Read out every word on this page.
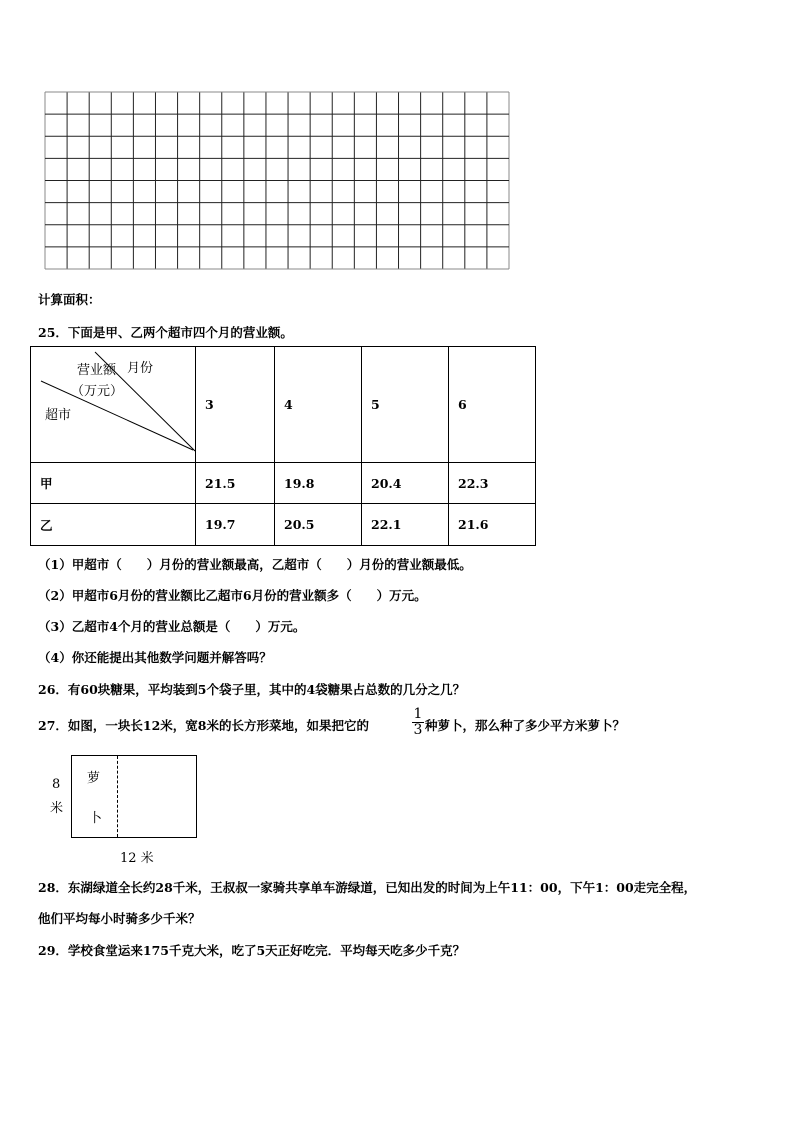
计算面积：
25．下面是甲、乙两个超市四个月的营业额。
月份
营业额
（万元）
超市	3	4	5	6
甲	21.5	19.8	20.4	22.3
乙	19.7	20.5	22.1	21.6
（1）甲超市（　　）月份的营业额最高，乙超市（　　）月份的营业额最低。
（2）甲超市6月份的营业额比乙超市6月份的营业额多（　　）万元。
（3）乙超市4个月的营业总额是（　　）万元。
（4）你还能提出其他数学问题并解答吗？
26．有60块糖果，平均装到5个袋子里，其中的4袋糖果占总数的几分之几？
27．如图，一块长12米，宽8米的长方形菜地，如果把它的	$\frac{1}{3}$ 种萝卜，那么种了多少平方米萝卜？
萝
卜
8
米
12 米
28．东湖绿道全长约28千米，王叔叔一家骑共享单车游绿道，已知出发的时间为上午11：00，下午1：00走完全程，
他们平均每小时骑多少千米？
29．学校食堂运来175千克大米，吃了5天正好吃完．平均每天吃多少千克？
